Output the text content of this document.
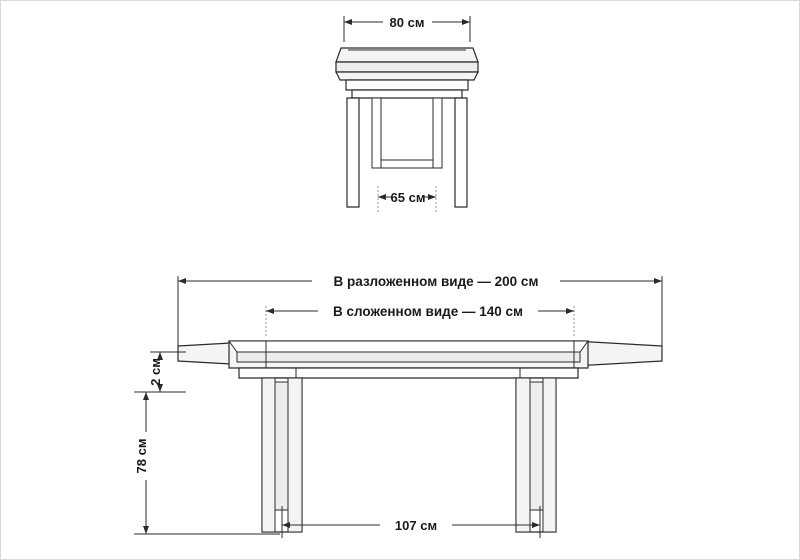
80 см
65 см
В разложенном виде — 200 см
В сложенном виде — 140 см
2 см
78 см
107 см
